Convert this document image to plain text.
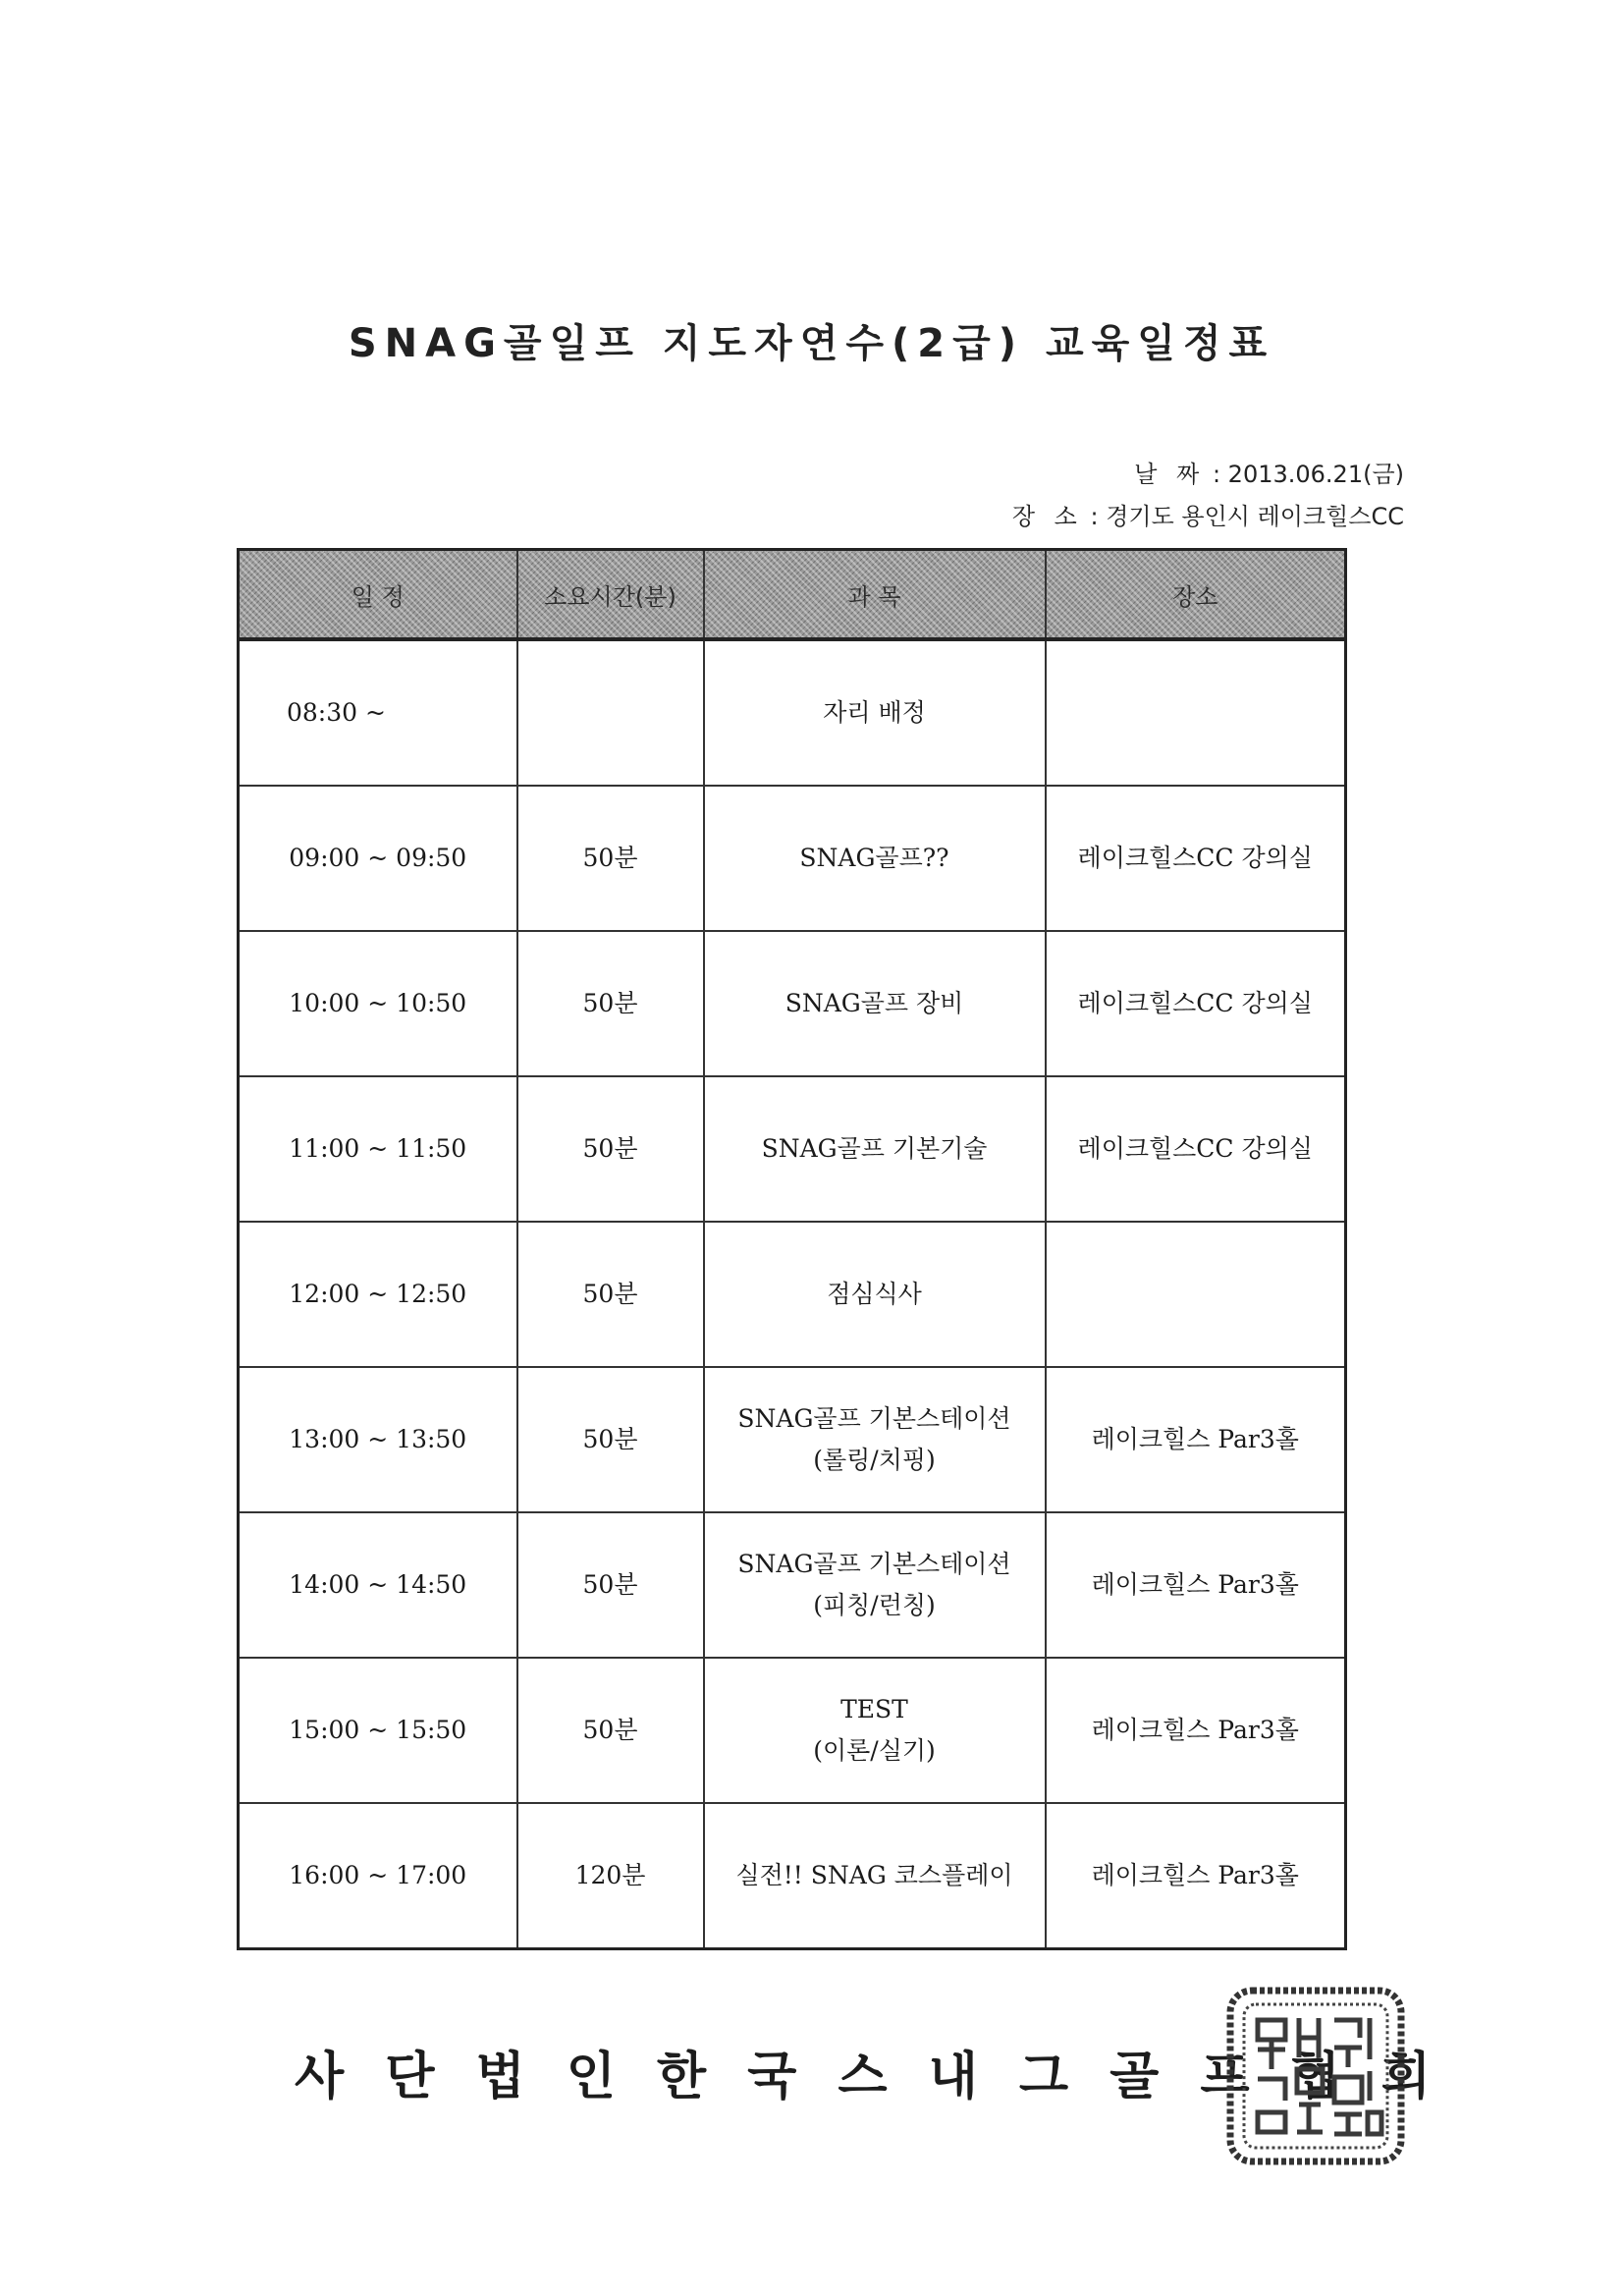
SNAG골일프 지도자연수(2급) 교육일정표
날 짜 : 2013.06.21(금)
장 소 : 경기도 용인시 레이크힐스CC
일 정	소요시간(분)	과 목	장소
08:30 ~		자리 배정	

09:00 ~ 09:50	50분	SNAG골프??	레이크힐스CC 강의실
10:00 ~ 10:50	50분	SNAG골프 장비	레이크힐스CC 강의실
11:00 ~ 11:50	50분	SNAG골프 기본기술	레이크힐스CC 강의실
12:00 ~ 12:50	50분	점심식사	

13:00 ~ 13:50	50분	SNAG골프 기본스테이션
(롤링/치핑)	레이크힐스 Par3홀
14:00 ~ 14:50	50분	SNAG골프 기본스테이션
(피칭/런칭)	레이크힐스 Par3홀
15:00 ~ 15:50	50분	TEST
(이론/실기)	레이크힐스 Par3홀
16:00 ~ 17:00	120분	실전!! SNAG 코스플레이	레이크힐스 Par3홀
사단법인한국스내그골프협회
